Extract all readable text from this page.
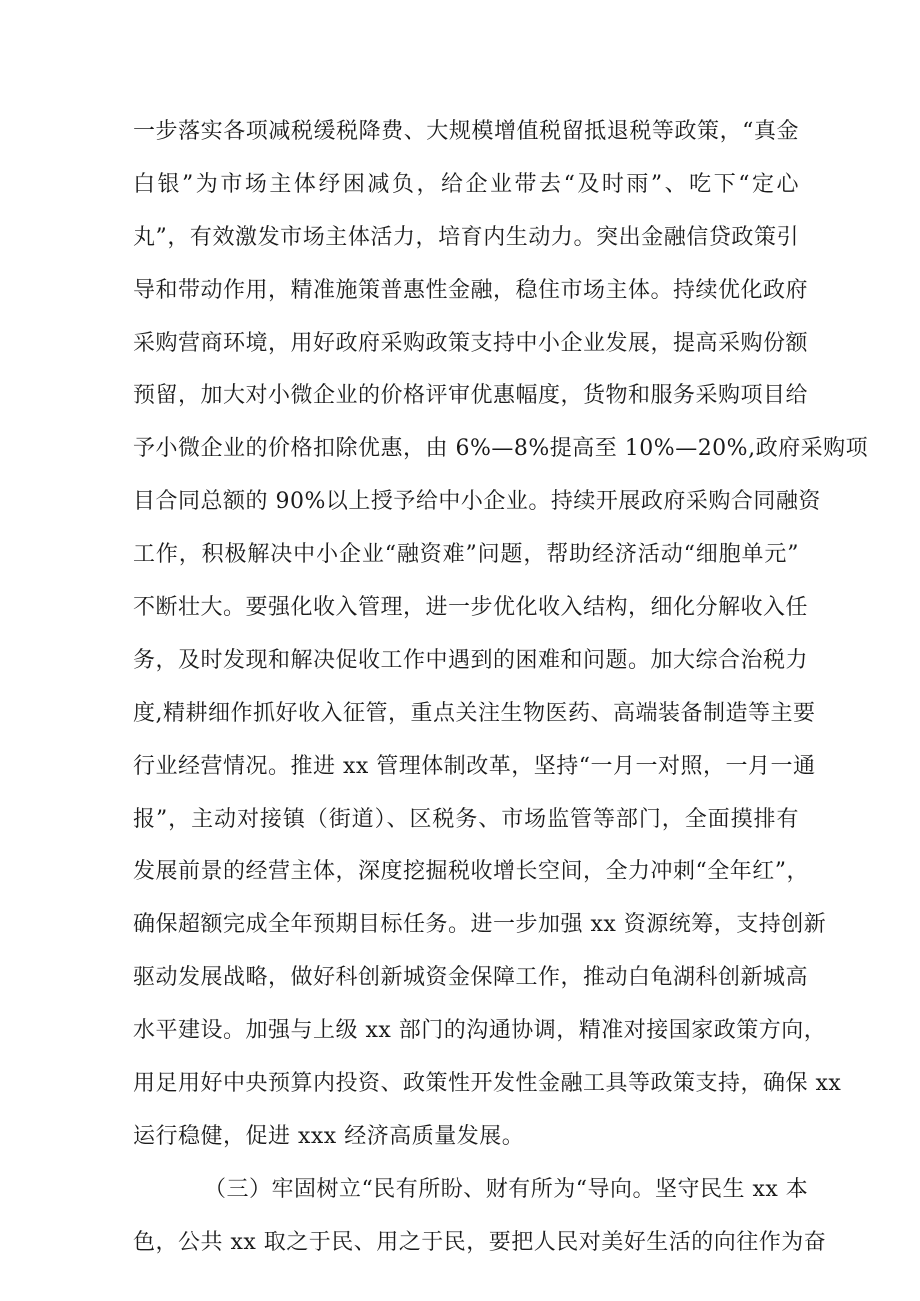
一步落实各项减税缓税降费、大规模增值税留抵退税等政策，“真金
白银”为市场主体纾困减负，给企业带去“及时雨”、吃下“定心
丸”，有效激发市场主体活力，培育内生动力。突出金融信贷政策引
导和带动作用，精准施策普惠性金融，稳住市场主体。持续优化政府
采购营商环境，用好政府采购政策支持中小企业发展，提高采购份额
预留，加大对小微企业的价格评审优惠幅度，货物和服务采购项目给
予小微企业的价格扣除优惠，由 6%—8%提高至 10%—20%,政府采购项
目合同总额的 90%以上授予给中小企业。持续开展政府采购合同融资
工作，积极解决中小企业“融资难”问题，帮助经济活动“细胞单元”
不断壮大。要强化收入管理，进一步优化收入结构，细化分解收入任
务，及时发现和解决促收工作中遇到的困难和问题。加大综合治税力
度,精耕细作抓好收入征管，重点关注生物医药、高端装备制造等主要
行业经营情况。推进 xx 管理体制改革，坚持“一月一对照，一月一通
报”，主动对接镇（街道）、区税务、市场监管等部门，全面摸排有
发展前景的经营主体，深度挖掘税收增长空间，全力冲刺“全年红”，
确保超额完成全年预期目标任务。进一步加强 xx 资源统筹，支持创新
驱动发展战略，做好科创新城资金保障工作，推动白龟湖科创新城高
水平建设。加强与上级 xx 部门的沟通协调，精准对接国家政策方向，
用足用好中央预算内投资、政策性开发性金融工具等政策支持，确保 xx
运行稳健，促进 xxx 经济高质量发展。
（三）牢固树立“民有所盼、财有所为“导向。坚守民生 xx 本
色，公共 xx 取之于民、用之于民，要把人民对美好生活的向往作为奋
